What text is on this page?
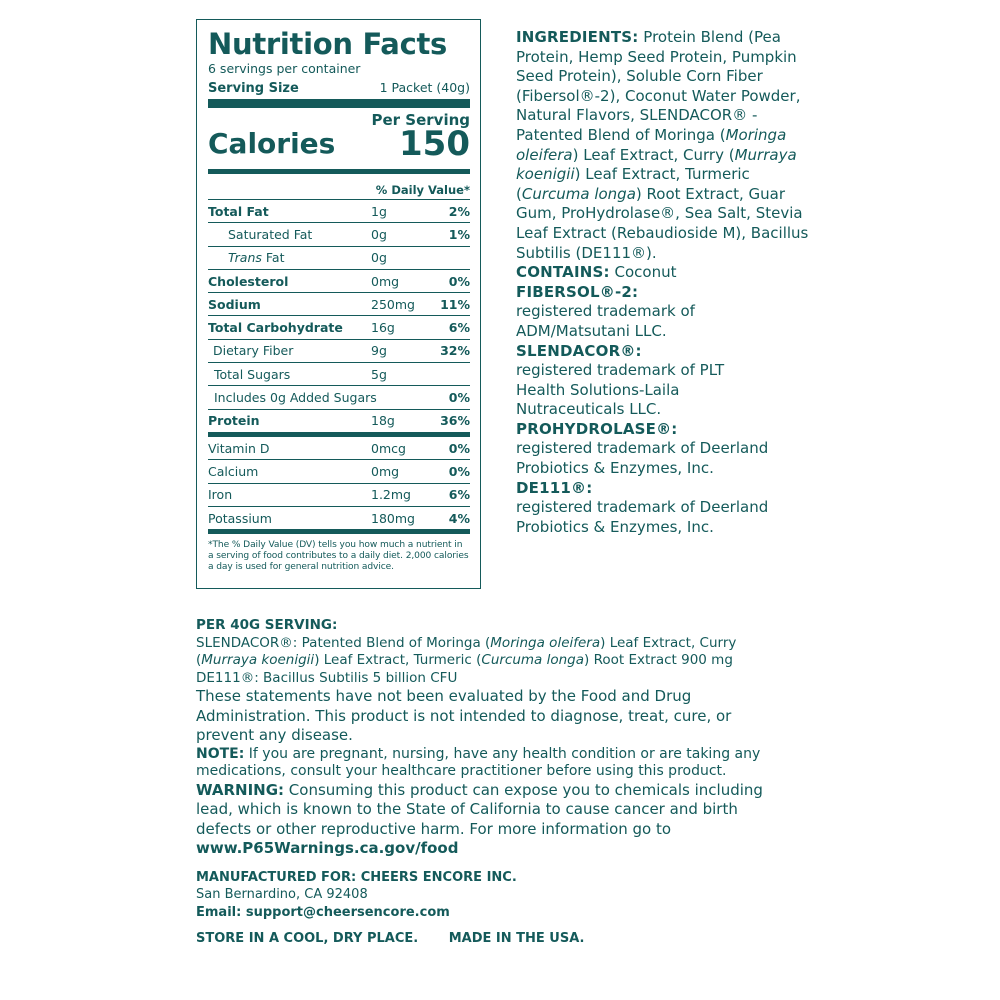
Nutrition Facts
6 servings per container
Serving Size	1 Packet (40g)
Per Serving
Calories 150
% Daily Value*
Total Fat	1g	2%
Saturated Fat	0g	1%
Trans Fat	0g	
Cholesterol	0mg	0%
Sodium	250mg	11%
Total Carbohydrate	16g	6%
Dietary Fiber	9g	32%
Total Sugars	5g	
Includes 0g Added Sugars		0%
Protein	18g	36%
Vitamin D	0mcg	0%
Calcium	0mg	0%
Iron	1.2mg	6%
Potassium	180mg	4%
*The % Daily Value (DV) tells you how much a nutrient in a serving of food contributes to a daily diet. 2,000 calories a day is used for general nutrition advice.

INGREDIENTS: Protein Blend (Pea Protein, Hemp Seed Protein, Pumpkin Seed Protein), Soluble Corn Fiber (Fibersol®-2), Coconut Water Powder, Natural Flavors, SLENDACOR® - Patented Blend of Moringa (Moringa oleifera) Leaf Extract, Curry (Murraya koenigii) Leaf Extract, Turmeric (Curcuma longa) Root Extract, Guar Gum, ProHydrolase®, Sea Salt, Stevia Leaf Extract (Rebaudioside M), Bacillus Subtilis (DE111®).

CONTAINS: Coconut

FIBERSOL®-2:

registered trademark of ADM/Matsutani LLC.

SLENDACOR®:

registered trademark of PLT Health Solutions-Laila Nutraceuticals LLC.

PROHYDROLASE®:

registered trademark of Deerland Probiotics & Enzymes, Inc.

DE111®:

registered trademark of Deerland Probiotics & Enzymes, Inc.

PER 40G SERVING:

SLENDACOR®: Patented Blend of Moringa (Moringa oleifera) Leaf Extract, Curry

(Murraya koenigii) Leaf Extract, Turmeric (Curcuma longa) Root Extract 900 mg

DE111®: Bacillus Subtilis 5 billion CFU

These statements have not been evaluated by the Food and Drug Administration. This product is not intended to diagnose, treat, cure, or prevent any disease.

NOTE: If you are pregnant, nursing, have any health condition or are taking any medications, consult your healthcare practitioner before using this product.

WARNING: Consuming this product can expose you to chemicals including lead, which is known to the State of California to cause cancer and birth defects or other reproductive harm. For more information go to
www.P65Warnings.ca.gov/food

MANUFACTURED FOR: CHEERS ENCORE INC.

San Bernardino, CA 92408

Email: support@cheersencore.com

STORE IN A COOL, DRY PLACE. MADE IN THE USA.
